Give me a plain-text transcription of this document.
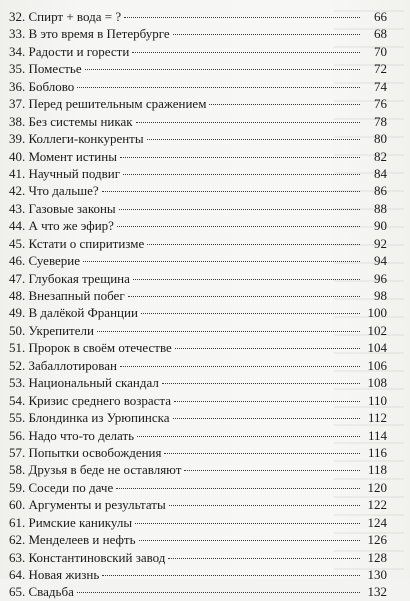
32. Спирт + вода = ?	66
33. В это время в Петербурге	68
34. Радости и горести	70
35. Поместье	72
36. Боблово	74
37. Перед решительным сражением	76
38. Без системы никак	78
39. Коллеги-конкуренты	80
40. Момент истины	82
41. Научный подвиг	84
42. Что дальше?	86
43. Газовые законы	88
44. А что же эфир?	90
45. Кстати о спиритизме	92
46. Суеверие	94
47. Глубокая трещина	96
48. Внезапный побег	98
49. В далёкой Франции	100
50. Укрепители	102
51. Пророк в своём отечестве	104
52. Забаллотирован	106
53. Национальный скандал	108
54. Кризис среднего возраста	110
55. Блондинка из Урюпинска	112
56. Надо что-то делать	114
57. Попытки освобождения	116
58. Друзья в беде не оставляют	118
59. Соседи по даче	120
60. Аргументы и результаты	122
61. Римские каникулы	124
62. Менделеев и нефть	126
63. Константиновский завод	128
64. Новая жизнь	130
65. Свадьба	132
